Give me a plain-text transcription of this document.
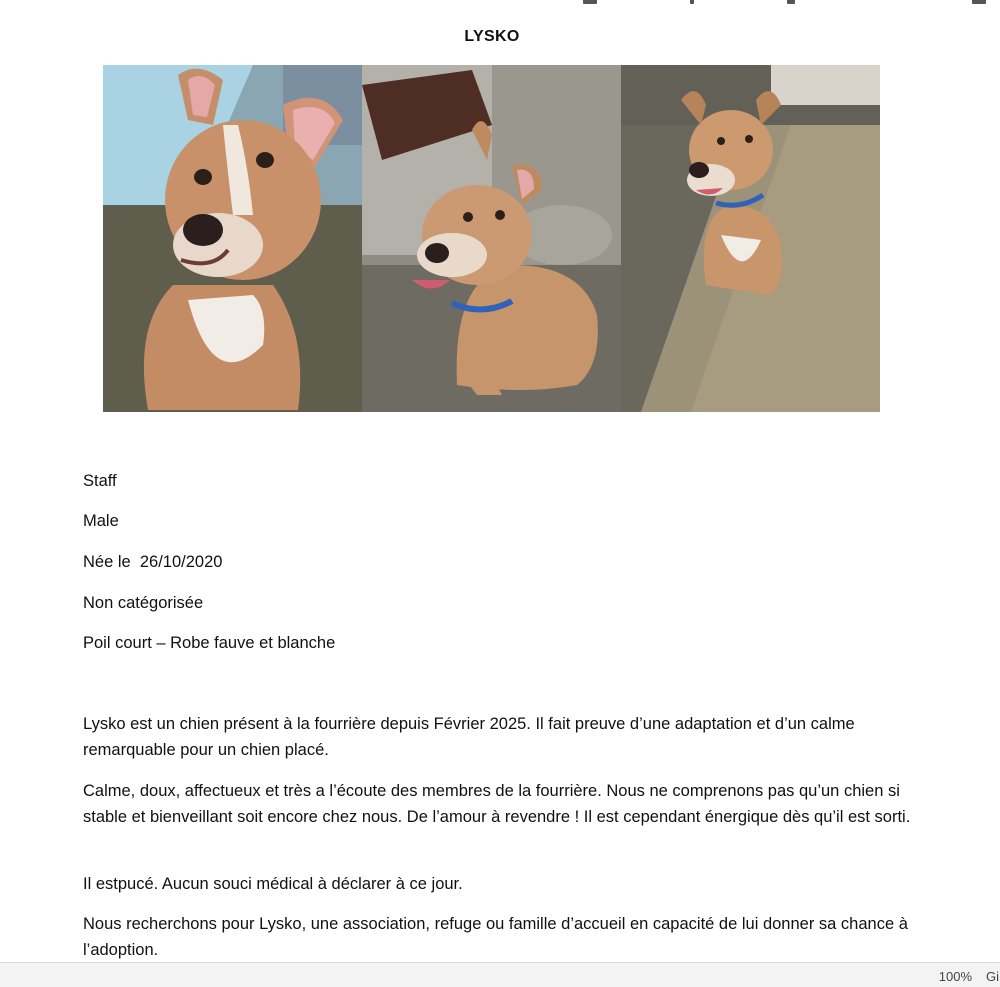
LYSKO
Staff
Male
Née le  26/10/2020
Non catégorisée
Poil court – Robe fauve et blanche
Lysko est un chien présent à la fourrière depuis Février 2025. Il fait preuve d’une adaptation et d’un calme remarquable pour un chien placé.
Calme, doux, affectueux et très a l’écoute des membres de la fourrière. Nous ne comprenons pas qu’un chien si stable et bienveillant soit encore chez nous. De l’amour à revendre ! Il est cependant énergique dès qu’il est sorti.
Il estpucé. Aucun souci médical à déclarer à ce jour.
Nous recherchons pour Lysko, une association, refuge ou famille d’accueil en capacité de lui donner sa chance à l’adoption.
100% Gi
